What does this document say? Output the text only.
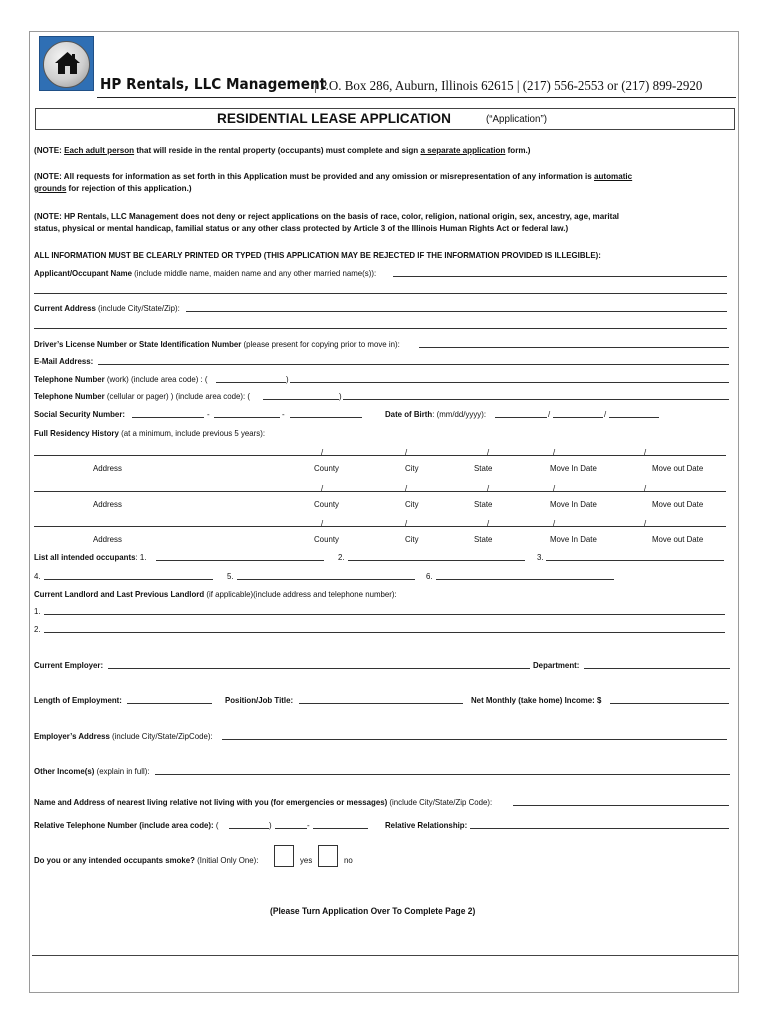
HP Rentals, LLC Management
| P.O. Box 286, Auburn, Illinois 62615 | (217) 556-2553 or (217) 899-2920
RESIDENTIAL LEASE APPLICATION	(“Application”)
(NOTE: Each adult person that will reside in the rental property (occupants) must complete and sign a separate application form.)
(NOTE: All requests for information as set forth in this Application must be provided and any omission or misrepresentation of any information is automatic
grounds for rejection of this application.)
(NOTE: HP Rentals, LLC Management does not deny or reject applications on the basis of race, color, religion, national origin, sex, ancestry, age, marital
status, physical or mental handicap, familial status or any other class protected by Article 3 of the Illinois Human Rights Act or federal law.)
ALL INFORMATION MUST BE CLEARLY PRINTED OR TYPED (THIS APPLICATION MAY BE REJECTED IF THE INFORMATION PROVIDED IS ILLEGIBLE):
Applicant/Occupant Name (include middle name, maiden name and any other married name(s)):
Current Address (include City/State/Zip):
Driver’s License Number or State Identification Number (please present for copying prior to move in):
E-Mail Address:
Telephone Number (work) (include area code) : (	)
Telephone Number (cellular or pager) ) (include area code): (	)
Social Security Number:	-	-	Date of Birth: (mm/dd/yyyy):	/	/
Full Residency History (at a minimum, include previous 5 years):
/	/	/	/	/
Address	County	City	State	Move In Date	Move out Date
/	/	/	/	/
Address	County	City	State	Move In Date	Move out Date
/	/	/	/	/
Address	County	City	State	Move In Date	Move out Date
List all intended occupants: 1.	2.	3.
4.	5.	6.
Current Landlord and Last Previous Landlord (if applicable)(include address and telephone number):
1.
2.
Current Employer:	Department:
Length of Employment:	Position/Job Title:	Net Monthly (take home) Income: $
Employer’s Address (include City/State/ZipCode):
Other Income(s) (explain in full):
Name and Address of nearest living relative not living with you (for emergencies or messages) (include City/State/Zip Code):
Relative Telephone Number (include area code): (	)	-	Relative Relationship:
Do you or any intended occupants smoke? (Initial Only One):	yes	no
(Please Turn Application Over To Complete Page 2)
